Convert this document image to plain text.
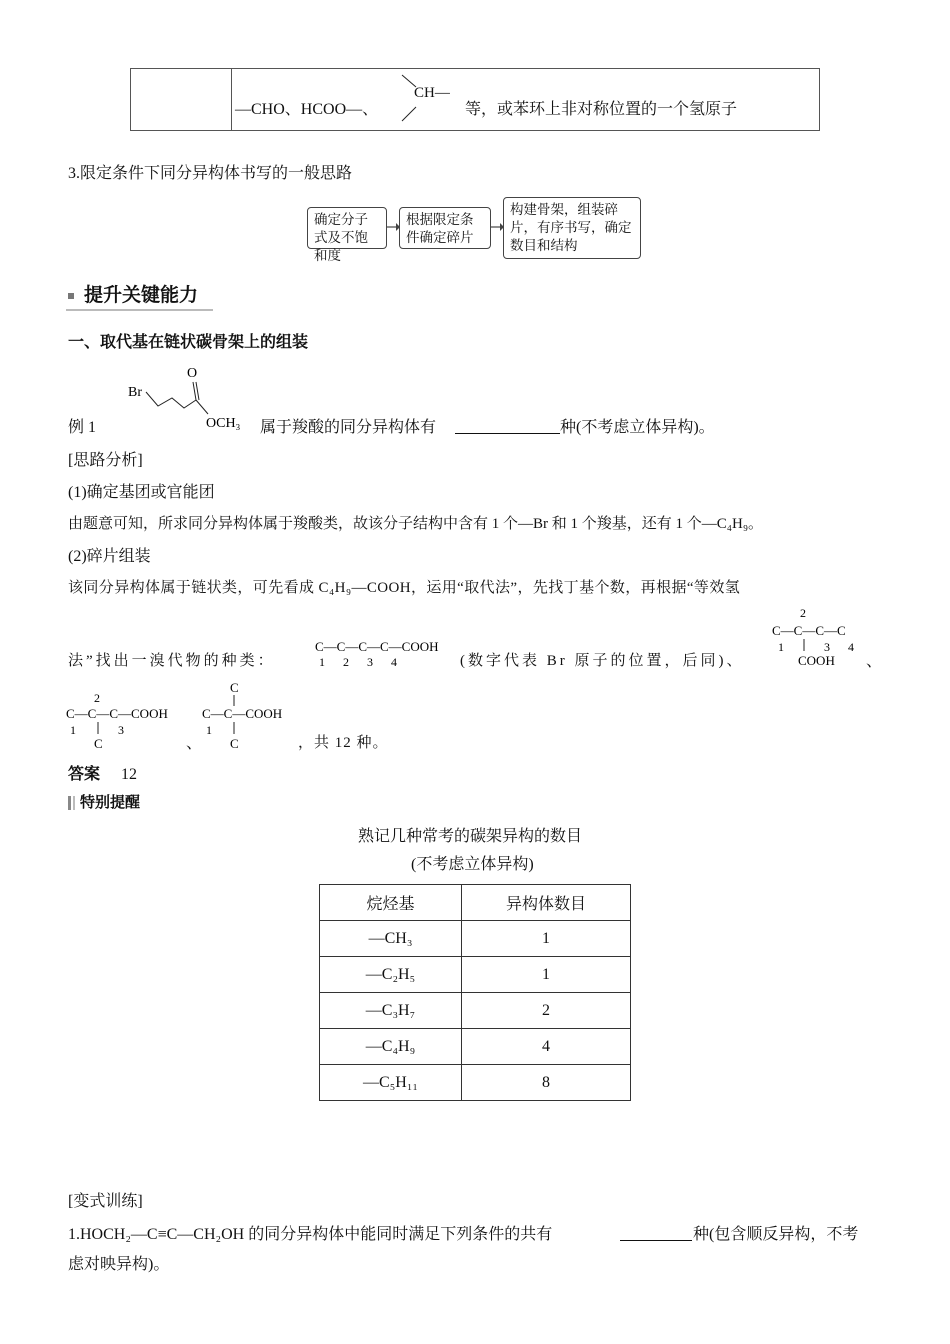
—CHO、HCOO—、
CH—
等，或苯环上非对称位置的一个氢原子
3.限定条件下同分异构体书写的一般思路
确定分子式及不饱和度
根据限定条件确定碎片
构建骨架，组装碎片，有序书写，确定数目和结构
提升关键能力
一、取代基在链状碳骨架上的组装
例 1
Br
O
OCH₃ 属于羧酸的同分异构体有	种(不考虑立体异构)。
[思路分析]
(1)确定基团或官能团
由题意可知，所求同分异构体属于羧酸类，故该分子结构中含有 1 个—Br 和 1 个羧基，还有 1 个—C₄H₉。
(2)碎片组装
该同分异构体属于链状类，可先看成 C₄H₉—COOH，运用“取代法”，先找丁基个数，再根据“等效氢
法”找出一溴代物的种类：
C—C—C—C—COOH
1 2 3 4	(数字代表 Br 原子的位置，后同)、
2
C—C—C—C
1	3 4
COOH 、
2
C—C—C—COOH
1	3
C	、
C
C—C—COOH
1
C	，共 12 种。
答案 12
特别提醒
熟记几种常考的碳架异构的数目
(不考虑立体异构)
烷烃基	异构体数目
—CH₃	1
—C₂H₅	1
—C₃H₇	2
—C₄H₉	4
—C₅H₁₁	8
[变式训练]
1.HOCH₂—C≡C—CH₂OH 的同分异构体中能同时满足下列条件的共有	种(包含顺反异构，不考
虑对映异构)。
